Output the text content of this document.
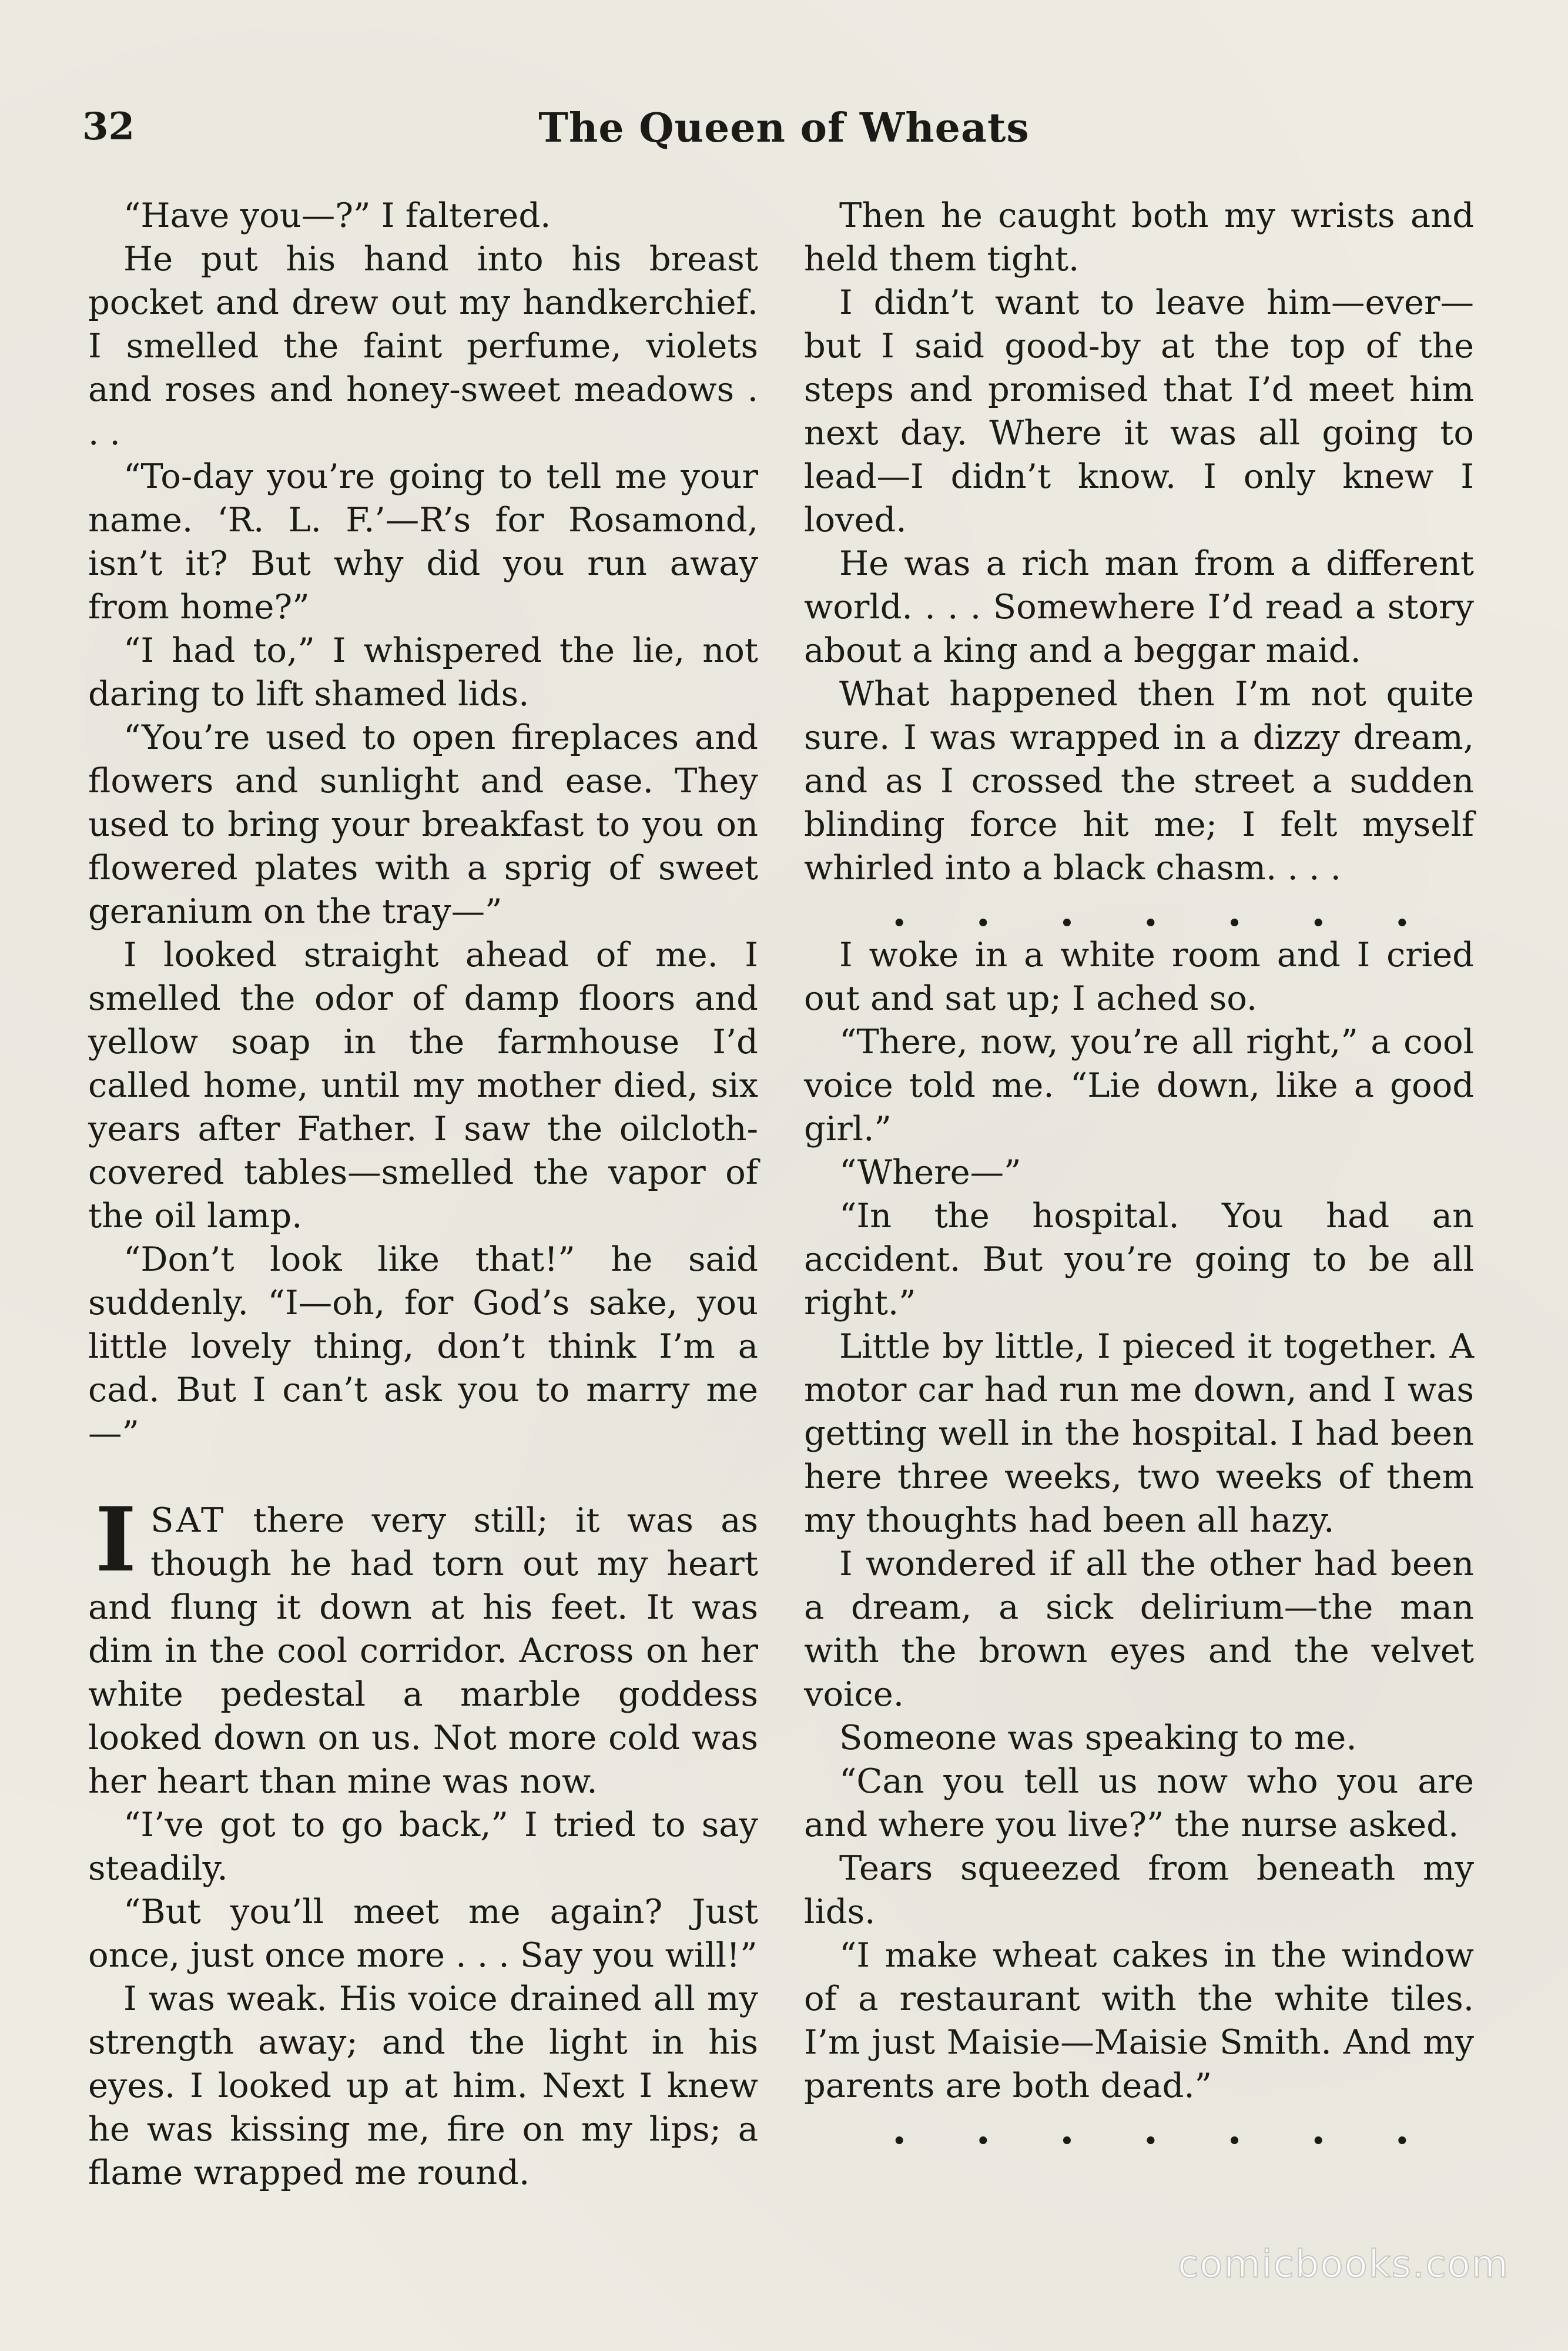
32	The Queen of Wheats

“Have you—?” I faltered.

He put his hand into his breast pocket and drew out my handkerchief. I smelled the faint perfume, violets and roses and honey-sweet meadows . . .

“To-day you’re going to tell me your name. ‘R. L. F.’—R’s for Rosamond, isn’t it? But why did you run away from home?”

“I had to,” I whispered the lie, not daring to lift shamed lids.

“You’re used to open fireplaces and flowers and sunlight and ease. They used to bring your breakfast to you on flowered plates with a sprig of sweet geranium on the tray—”

I looked straight ahead of me. I smelled the odor of damp floors and yellow soap in the farmhouse I’d called home, until my mother died, six years after Father. I saw the oilcloth-covered tables—smelled the vapor of the oil lamp.

“Don’t look like that!” he said suddenly. “I—oh, for God’s sake, you little lovely thing, don’t think I’m a cad. But I can’t ask you to marry me—”

ISAT there very still; it was as though he had torn out my heart and flung it down at his feet. It was dim in the cool corridor. Across on her white pedestal a marble goddess looked down on us. Not more cold was her heart than mine was now.

“I’ve got to go back,” I tried to say steadily.

“But you’ll meet me again? Just once, just once more . . . Say you will!”

I was weak. His voice drained all my strength away; and the light in his eyes. I looked up at him. Next I knew he was kissing me, fire on my lips; a flame wrapped me round.

Then he caught both my wrists and held them tight.

I didn’t want to leave him—ever—but I said good-by at the top of the steps and promised that I’d meet him next day. Where it was all going to lead—I didn’t know. I only knew I loved.

He was a rich man from a different world. . . . Somewhere I’d read a story about a king and a beggar maid.

What happened then I’m not quite sure. I was wrapped in a dizzy dream, and as I crossed the street a sudden blinding force hit me; I felt myself whirled into a black chasm. . . .

. . . . . . .

I woke in a white room and I cried out and sat up; I ached so.

“There, now, you’re all right,” a cool voice told me. “Lie down, like a good girl.”

“Where—”

“In the hospital. You had an accident. But you’re going to be all right.”

Little by little, I pieced it together. A motor car had run me down, and I was getting well in the hospital. I had been here three weeks, two weeks of them my thoughts had been all hazy.

I wondered if all the other had been a dream, a sick delirium—the man with the brown eyes and the velvet voice.

Someone was speaking to me.

“Can you tell us now who you are and where you live?” the nurse asked.

Tears squeezed from beneath my lids.

“I make wheat cakes in the window of a restaurant with the white tiles. I’m just Maisie—Maisie Smith. And my parents are both dead.”

. . . . . . .
comicbooks.com
